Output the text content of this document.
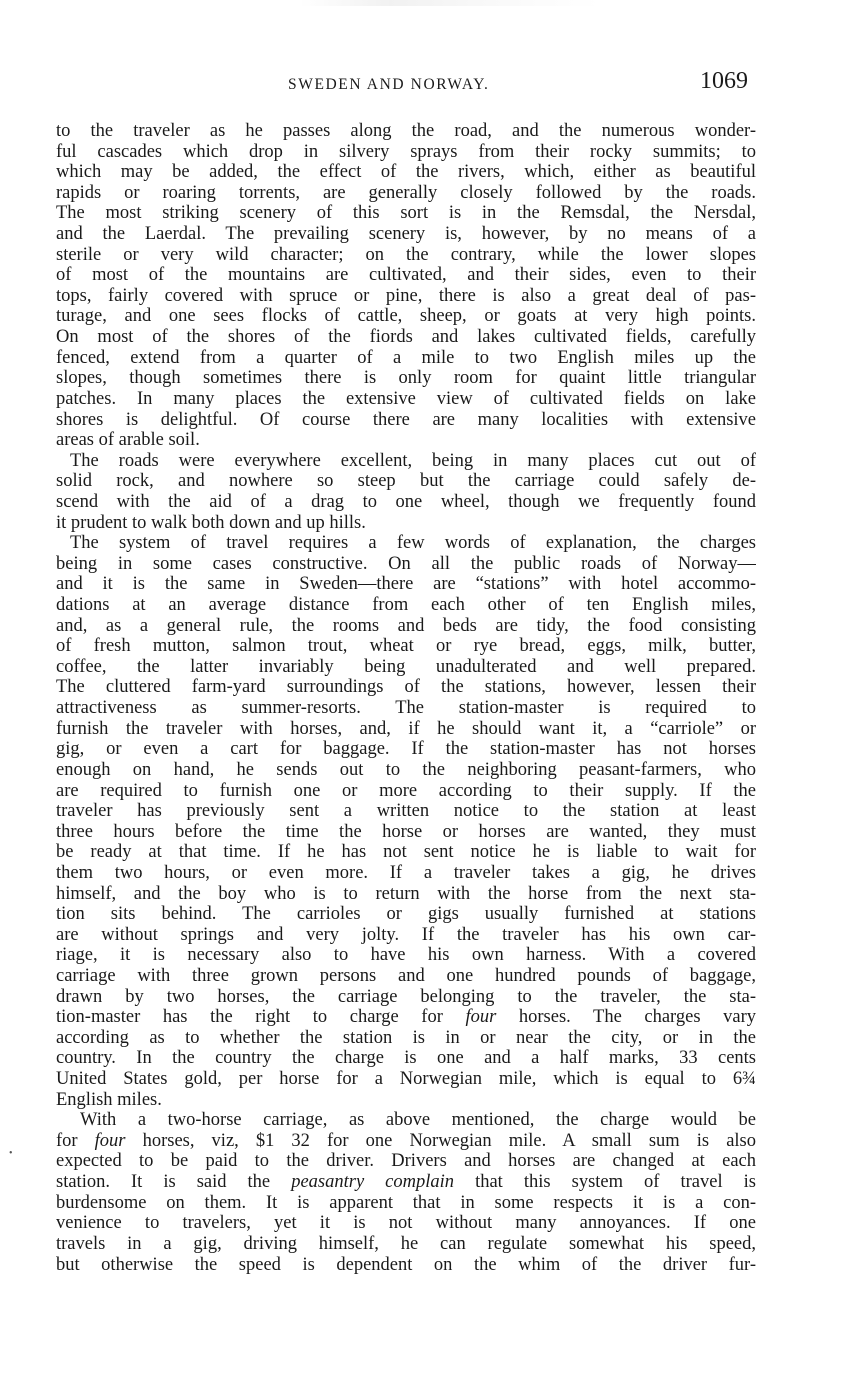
SWEDEN AND NORWAY.	1069
•
to the traveler as he passes along the road, and the numerous wonder-
ful cascades which drop in silvery sprays from their rocky summits; to
which may be added, the effect of the rivers, which, either as beautiful
rapids or roaring torrents, are generally closely followed by the roads.
The most striking scenery of this sort is in the Remsdal, the Nersdal,
and the Laerdal. The prevailing scenery is, however, by no means of a
sterile or very wild character; on the contrary, while the lower slopes
of most of the mountains are cultivated, and their sides, even to their
tops, fairly covered with spruce or pine, there is also a great deal of pas-
turage, and one sees flocks of cattle, sheep, or goats at very high points.
On most of the shores of the fiords and lakes cultivated fields, carefully
fenced, extend from a quarter of a mile to two English miles up the
slopes, though sometimes there is only room for quaint little triangular
patches. In many places the extensive view of cultivated fields on lake
shores is delightful. Of course there are many localities with extensive
areas of arable soil.
The roads were everywhere excellent, being in many places cut out of
solid rock, and nowhere so steep but the carriage could safely de-
scend with the aid of a drag to one wheel, though we frequently found
it prudent to walk both down and up hills.
The system of travel requires a few words of explanation, the charges
being in some cases constructive. On all the public roads of Norway—
and it is the same in Sweden—there are “stations” with hotel accommo-
dations at an average distance from each other of ten English miles,
and, as a general rule, the rooms and beds are tidy, the food consisting
of fresh mutton, salmon trout, wheat or rye bread, eggs, milk, butter,
coffee, the latter invariably being unadulterated and well prepared.
The cluttered farm-yard surroundings of the stations, however, lessen their
attractiveness as summer-resorts. The station-master is required to
furnish the traveler with horses, and, if he should want it, a “carriole” or
gig, or even a cart for baggage. If the station-master has not horses
enough on hand, he sends out to the neighboring peasant-farmers, who
are required to furnish one or more according to their supply. If the
traveler has previously sent a written notice to the station at least
three hours before the time the horse or horses are wanted, they must
be ready at that time. If he has not sent notice he is liable to wait for
them two hours, or even more. If a traveler takes a gig, he drives
himself, and the boy who is to return with the horse from the next sta-
tion sits behind. The carrioles or gigs usually furnished at stations
are without springs and very jolty. If the traveler has his own car-
riage, it is necessary also to have his own harness. With a covered
carriage with three grown persons and one hundred pounds of baggage,
drawn by two horses, the carriage belonging to the traveler, the sta-
tion-master has the right to charge for four horses. The charges vary
according as to whether the station is in or near the city, or in the
country. In the country the charge is one and a half marks, 33 cents
United States gold, per horse for a Norwegian mile, which is equal to 6¾
English miles.
With a two-horse carriage, as above mentioned, the charge would be
for four horses, viz, $1 32 for one Norwegian mile. A small sum is also
expected to be paid to the driver. Drivers and horses are changed at each
station. It is said the peasantry complain that this system of travel is
burdensome on them. It is apparent that in some respects it is a con-
venience to travelers, yet it is not without many annoyances. If one
travels in a gig, driving himself, he can regulate somewhat his speed,
but otherwise the speed is dependent on the whim of the driver fur-
